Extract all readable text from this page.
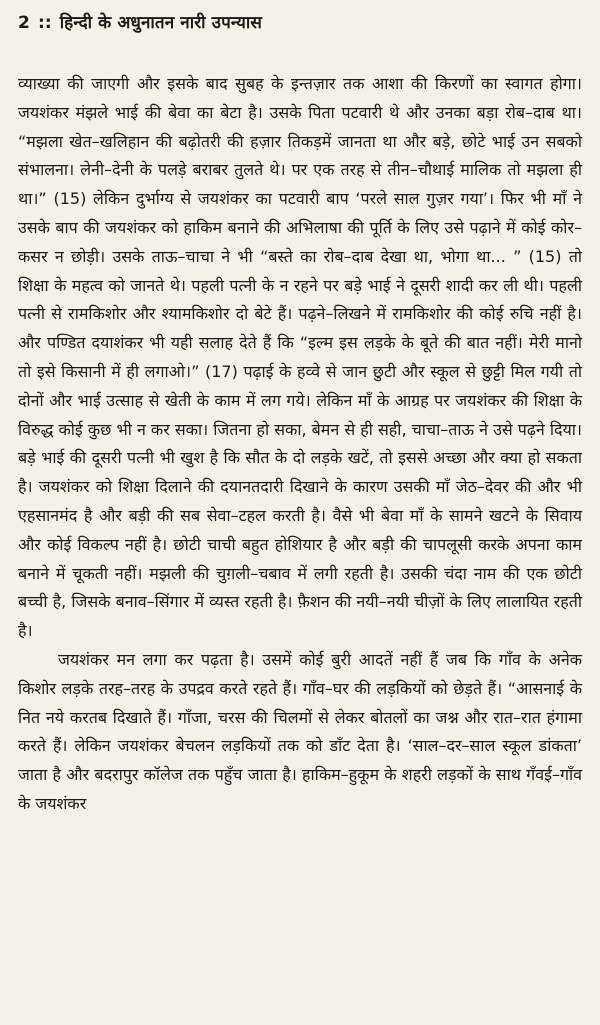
2 :: हिन्दी के अधुनातन नारी उपन्यास

व्याख्या की जाएगी और इसके बाद सुबह के इन्तज़ार तक आशा की किरणों का स्वागत होगा। जयशंकर मंझले भाई की बेवा का बेटा है। उसके पिता पटवारी थे और उनका बड़ा रोब–दाब था। “मझला खेत–खलिहान की बढ़ोतरी की हज़ार तिकड़में जानता था और बड़े, छोटे भाई उन सबको संभालना। लेनी–देनी के पलड़े बराबर तुलते थे। पर एक तरह से तीन–चौथाई मालिक तो मझला ही था।” (15) लेकिन दुर्भाग्य से जयशंकर का पटवारी बाप ‘परले साल गुज़र गया’। फिर भी माँ ने उसके बाप की जयशंकर को हाकिम बनाने की अभिलाषा की पूर्ति के लिए उसे पढ़ाने में कोई कोर–कसर न छोड़ी। उसके ताऊ–चाचा ने भी “बस्ते का रोब–दाब देखा था, भोगा था... ” (15) तो शिक्षा के महत्व को जानते थे। पहली पत्नी के न रहने पर बड़े भाई ने दूसरी शादी कर ली थी। पहली पत्नी से रामकिशोर और श्यामकिशोर दो बेटे हैं। पढ़ने–लिखने में रामकिशोर की कोई रुचि नहीं है। और पण्डित दयाशंकर भी यही सलाह देते हैं कि “इल्म इस लड़के के बूते की बात नहीं। मेरी मानो तो इसे किसानी में ही लगाओ।” (17) पढ़ाई के हव्वे से जान छुटी और स्कूल से छुट्टी मिल गयी तो दोनों और भाई उत्साह से खेती के काम में लग गये। लेकिन माँ के आग्रह पर जयशंकर की शिक्षा के विरुद्ध कोई कुछ भी न कर सका। जितना हो सका, बेमन से ही सही, चाचा–ताऊ ने उसे पढ़ने दिया। बड़े भाई की दूसरी पत्नी भी खुश है कि सौत के दो लड़के खटें, तो इससे अच्छा और क्या हो सकता है। जयशंकर को शिक्षा दिलाने की दयानतदारी दिखाने के कारण उसकी माँ जेठ–देवर की और भी एहसानमंद है और बड़ी की सब सेवा–टहल करती है। वैसे भी बेवा माँ के सामने खटने के सिवाय और कोई विकल्प नहीं है। छोटी चाची बहुत होशियार है और बड़ी की चापलूसी करके अपना काम बनाने में चूकती नहीं। मझली की चुग़ली–चबाव में लगी रहती है। उसकी चंदा नाम की एक छोटी बच्ची है, जिसके बनाव–सिंगार में व्यस्त रहती है। फ़ैशन की नयी–नयी चीज़ों के लिए लालायित रहती है।

जयशंकर मन लगा कर पढ़ता है। उसमें कोई बुरी आदतें नहीं हैं जब कि गाँव के अनेक किशोर लड़के तरह–तरह के उपद्रव करते रहते हैं। गाँव–घर की लड़कियों को छेड़ते हैं। “आसनाई के नित नये करतब दिखाते हैं। गाँजा, चरस की चिलमों से लेकर बोतलों का जश्न और रात–रात हंगामा करते हैं। लेकिन जयशंकर बेचलन लड़कियों तक को डाँट देता है। ‘साल–दर–साल स्कूल डांकता’ जाता है और बदरापुर कॉलेज तक पहुँच जाता है। हाकिम–हुकूम के शहरी लड़कों के साथ गँवई–गाँव के जयशंकर
